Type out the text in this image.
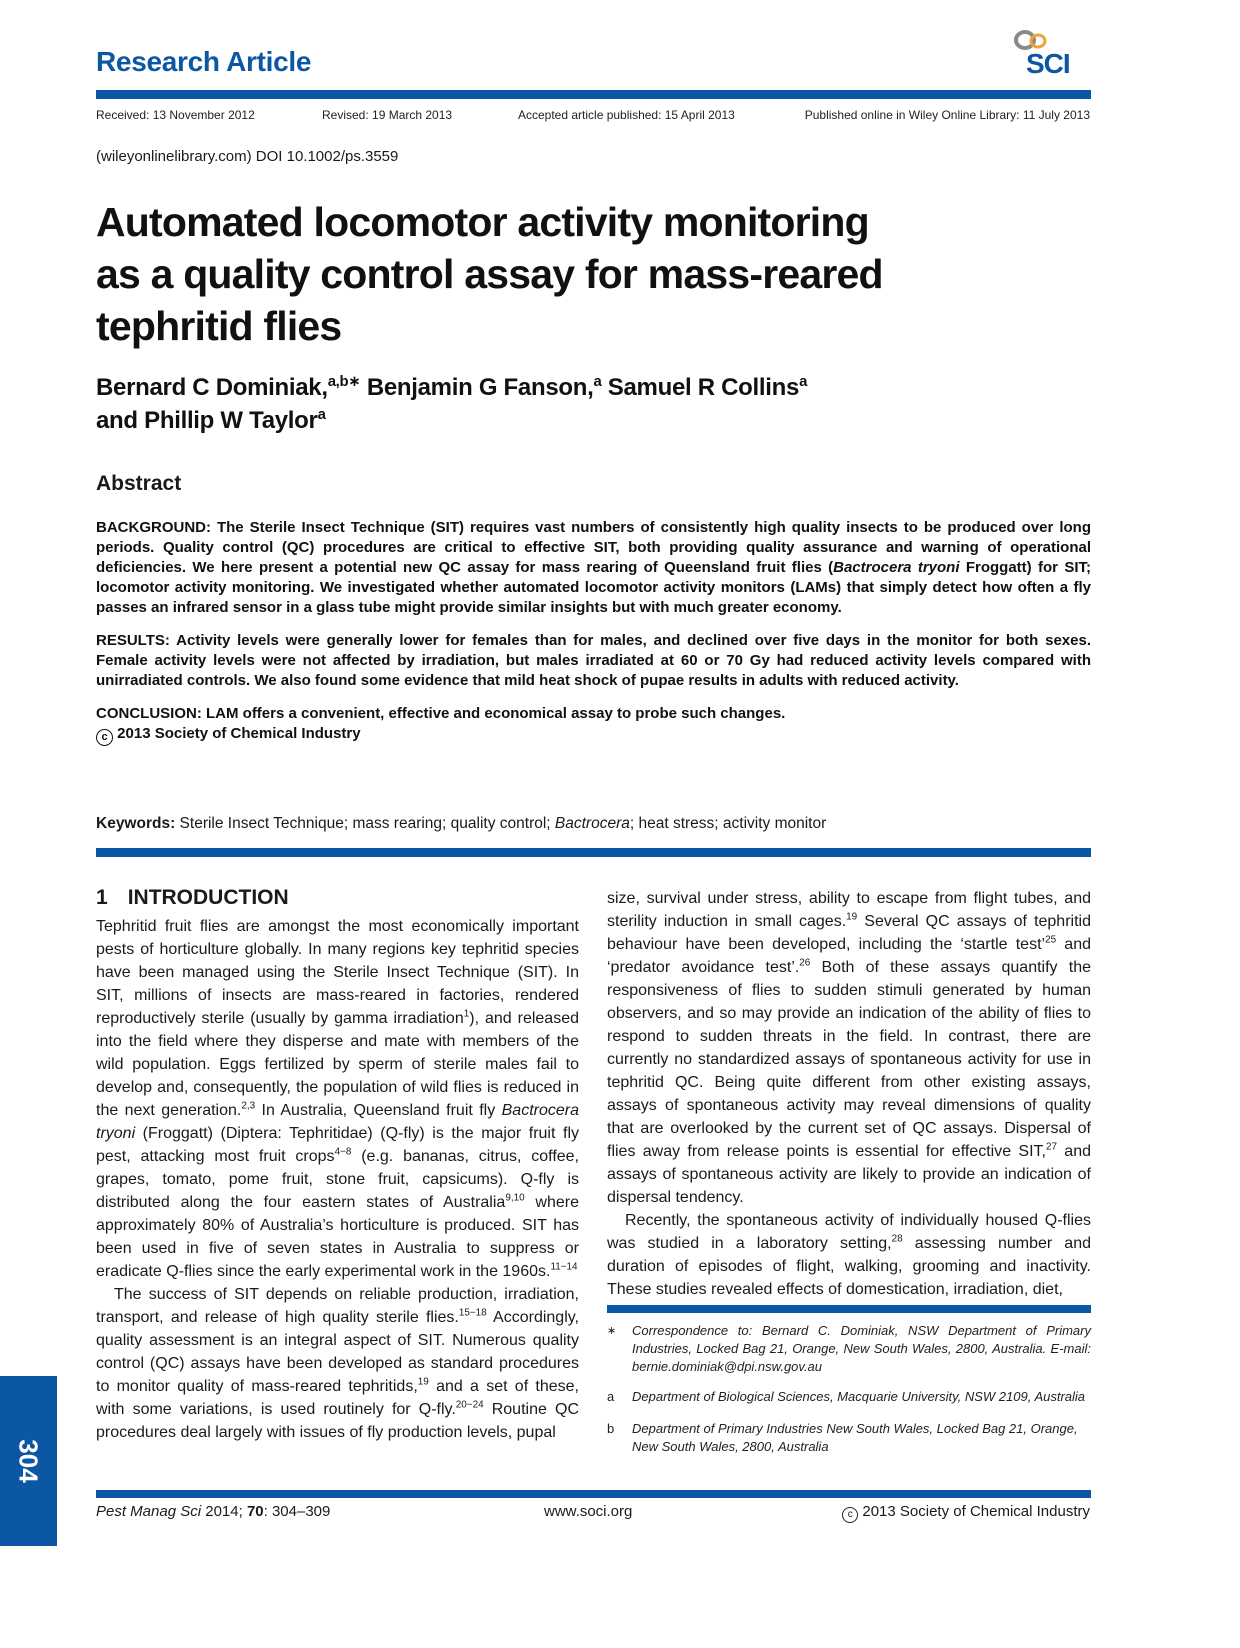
Research Article	SCI
Received: 13 November 2012	Revised: 19 March 2013	Accepted article published: 15 April 2013	Published online in Wiley Online Library: 11 July 2013
(wileyonlinelibrary.com) DOI 10.1002/ps.3559
Automated locomotor activity monitoring
as a quality control assay for mass-reared
tephritid flies
Bernard C Dominiak,$^{a,b∗}$ Benjamin G Fanson,$^a$ Samuel R Collins$^a$
and Phillip W Taylor$^a$
Abstract

BACKGROUND: The Sterile Insect Technique (SIT) requires vast numbers of consistently high quality insects to be produced over long periods. Quality control (QC) procedures are critical to effective SIT, both providing quality assurance and warning of operational deficiencies. We here present a potential new QC assay for mass rearing of Queensland fruit flies (Bactrocera tryoni Froggatt) for SIT; locomotor activity monitoring. We investigated whether automated locomotor activity monitors (LAMs) that simply detect how often a fly passes an infrared sensor in a glass tube might provide similar insights but with much greater economy.

RESULTS: Activity levels were generally lower for females than for males, and declined over five days in the monitor for both sexes. Female activity levels were not affected by irradiation, but males irradiated at 60 or 70 Gy had reduced activity levels compared with unirradiated controls. We also found some evidence that mild heat shock of pupae results in adults with reduced activity.

CONCLUSION: LAM offers a convenient, effective and economical assay to probe such changes.
c 2013 Society of Chemical Industry

Keywords: Sterile Insect Technique; mass rearing; quality control; Bactrocera; heat stress; activity monitor
1 INTRODUCTION
Tephritid fruit flies are amongst the most economically important pests of horticulture globally. In many regions key tephritid species have been managed using the Sterile Insect Technique (SIT). In SIT, millions of insects are mass-reared in factories, rendered reproductively sterile (usually by gamma irradiation$^1$), and released into the field where they disperse and mate with members of the wild population. Eggs fertilized by sperm of sterile males fail to develop and, consequently, the population of wild flies is reduced in the next generation.$^{2,3}$ In Australia, Queensland fruit fly Bactrocera tryoni (Froggatt) (Diptera: Tephritidae) (Q-fly) is the major fruit fly pest, attacking most fruit crops$^{4-8}$ (e.g. bananas, citrus, coffee, grapes, tomato, pome fruit, stone fruit, capsicums). Q-fly is distributed along the four eastern states of Australia$^{9,10}$ where approximately 80% of Australia’s horticulture is produced. SIT has been used in five of seven states in Australia to suppress or eradicate Q-flies since the early experimental work in the 1960s.$^{11-14}$
The success of SIT depends on reliable production, irradiation, transport, and release of high quality sterile flies.$^{15-18}$ Accordingly, quality assessment is an integral aspect of SIT. Numerous quality control (QC) assays have been developed as standard procedures to monitor quality of mass-reared tephritids,$^{19}$ and a set of these, with some variations, is used routinely for Q-fly.$^{20-24}$ Routine QC procedures deal largely with issues of fly production levels, pupal
size, survival under stress, ability to escape from flight tubes, and sterility induction in small cages.$^{19}$ Several QC assays of tephritid behaviour have been developed, including the ‘startle test’$^{25}$ and ‘predator avoidance test’.$^{26}$ Both of these assays quantify the responsiveness of flies to sudden stimuli generated by human observers, and so may provide an indication of the ability of flies to respond to sudden threats in the field. In contrast, there are currently no standardized assays of spontaneous activity for use in tephritid QC. Being quite different from other existing assays, assays of spontaneous activity may reveal dimensions of quality that are overlooked by the current set of QC assays. Dispersal of flies away from release points is essential for effective SIT,$^{27}$ and assays of spontaneous activity are likely to provide an indication of dispersal tendency.
Recently, the spontaneous activity of individually housed Q-flies was studied in a laboratory setting,$^{28}$ assessing number and duration of episodes of flight, walking, grooming and inactivity. These studies revealed effects of domestication, irradiation, diet,
∗	Correspondence to: Bernard C. Dominiak, NSW Department of Primary Industries, Locked Bag 21, Orange, New South Wales, 2800, Australia. E-mail: bernie.dominiak@dpi.nsw.gov.au
a	Department of Biological Sciences, Macquarie University, NSW 2109, Australia
b	Department of Primary Industries New South Wales, Locked Bag 21, Orange, New South Wales, 2800, Australia
Pest Manag Sci 2014; 70: 304–309	www.soci.org	c 2013 Society of Chemical Industry
304
